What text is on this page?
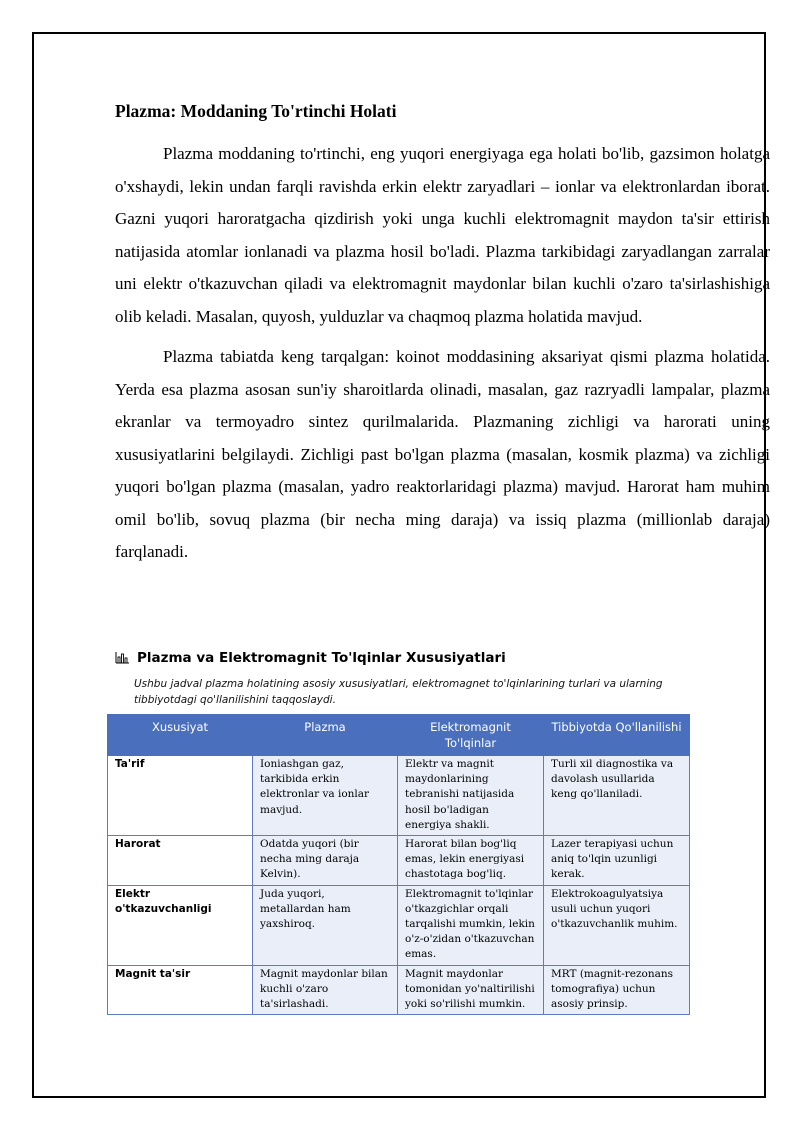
Plazma: Moddaning To'rtinchi Holati

Plazma moddaning to'rtinchi, eng yuqori energiyaga ega holati bo'lib, gazsimon holatga o'xshaydi, lekin undan farqli ravishda erkin elektr zaryadlari – ionlar va elektronlardan iborat. Gazni yuqori haroratgacha qizdirish yoki unga kuchli elektromagnit maydon ta'sir ettirish natijasida atomlar ionlanadi va plazma hosil bo'ladi. Plazma tarkibidagi zaryadlangan zarralar uni elektr o'tkazuvchan qiladi va elektromagnit maydonlar bilan kuchli o'zaro ta'sirlashishiga olib keladi. Masalan, quyosh, yulduzlar va chaqmoq plazma holatida mavjud.

Plazma tabiatda keng tarqalgan: koinot moddasining aksariyat qismi plazma holatida. Yerda esa plazma asosan sun'iy sharoitlarda olinadi, masalan, gaz razryadli lampalar, plazma ekranlar va termoyadro sintez qurilmalarida. Plazmaning zichligi va harorati uning xususiyatlarini belgilaydi. Zichligi past bo'lgan plazma (masalan, kosmik plazma) va zichligi yuqori bo'lgan plazma (masalan, yadro reaktorlaridagi plazma) mavjud. Harorat ham muhim omil bo'lib, sovuq plazma (bir necha ming daraja) va issiq plazma (millionlab daraja) farqlanadi.

Plazma va Elektromagnit To'lqinlar Xususiyatlari
Ushbu jadval plazma holatining asosiy xususiyatlari, elektromagnet to'lqinlarining turlari va ularning tibbiyotdagi qo'llanilishini taqqoslaydi.
Xususiyat	Plazma	Elektromagnit To'lqinlar	Tibbiyotda Qo'llanilishi
Ta'rif	Ioniashgan gaz, tarkibida erkin elektronlar va ionlar mavjud.	Elektr va magnit maydonlarining tebranishi natijasida hosil bo'ladigan energiya shakli.	Turli xil diagnostika va davolash usullarida keng qo'llaniladi.
Harorat	Odatda yuqori (bir necha ming daraja Kelvin).	Harorat bilan bog'liq emas, lekin energiyasi chastotaga bog'liq.	Lazer terapiyasi uchun aniq to'lqin uzunligi kerak.
Elektr o'tkazuvchanligi	Juda yuqori, metallardan ham yaxshiroq.	Elektromagnit to'lqinlar o'tkazgichlar orqali tarqalishi mumkin, lekin o'z-o'zidan o'tkazuvchan emas.	Elektrokoagulyatsiya usuli uchun yuqori o'tkazuvchanlik muhim.
Magnit ta'sir	Magnit maydonlar bilan kuchli o'zaro ta'sirlashadi.	Magnit maydonlar tomonidan yo'naltirilishi yoki so'rilishi mumkin.	MRT (magnit-rezonans tomografiya) uchun asosiy prinsip.
